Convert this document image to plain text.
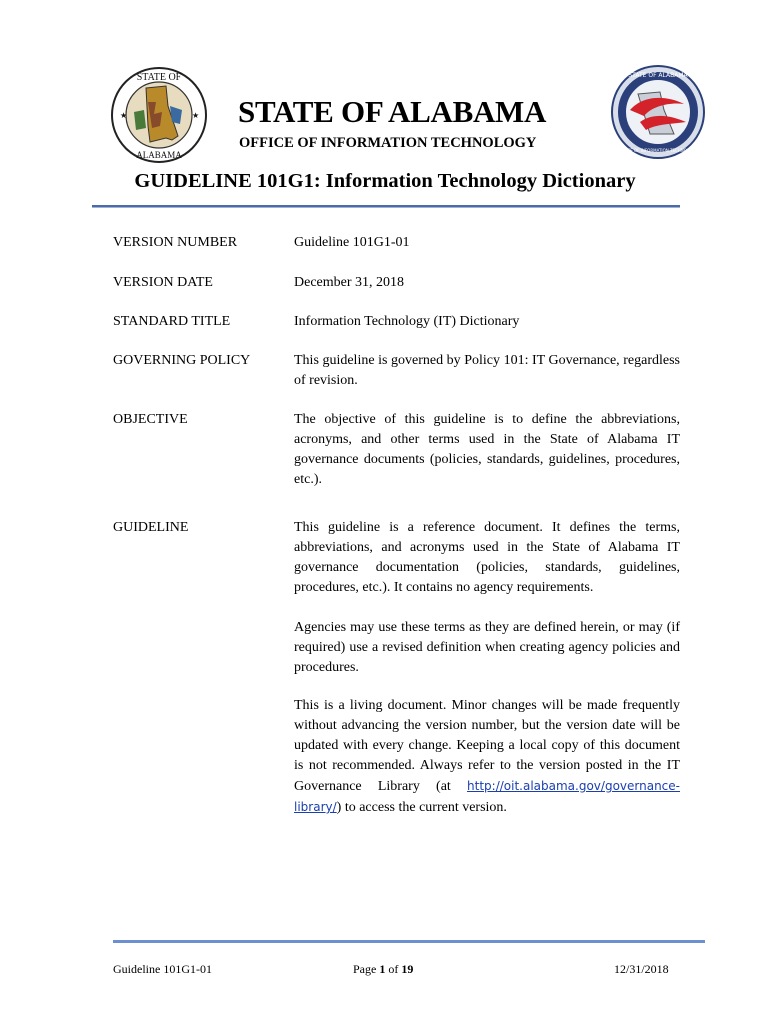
STATE OF
ALABAMA
★	★ STATE OF ALABAMA
OFFICE OF INFORMATION TECHNOLOGY
STATE OF ALABAMA
OFFICE OF INFORMATION TECHNOLOGY
GUIDELINE 101G1: Information Technology Dictionary
VERSION NUMBER	Guideline 101G1-01
VERSION DATE	December 31, 2018
STANDARD TITLE	Information Technology (IT) Dictionary
GOVERNING POLICY	This guideline is governed by Policy 101: IT Governance, regardless of revision.
OBJECTIVE	The objective of this guideline is to define the abbreviations, acronyms, and other terms used in the State of Alabama IT governance documents (policies, standards, guidelines, procedures, etc.).
GUIDELINE	This guideline is a reference document. It defines the terms, abbreviations, and acronyms used in the State of Alabama IT governance documentation (policies, standards, guidelines, procedures, etc.). It contains no agency requirements.
Agencies may use these terms as they are defined herein, or may (if required) use a revised definition when creating agency policies and procedures.
This is a living document. Minor changes will be made frequently without advancing the version number, but the version date will be updated with every change. Keeping a local copy of this document is not recommended. Always refer to the version posted in the IT Governance Library (at http://oit.alabama.gov/governance-library/) to access the current version.
Guideline 101G1-01	Page 1 of 19	12/31/2018
